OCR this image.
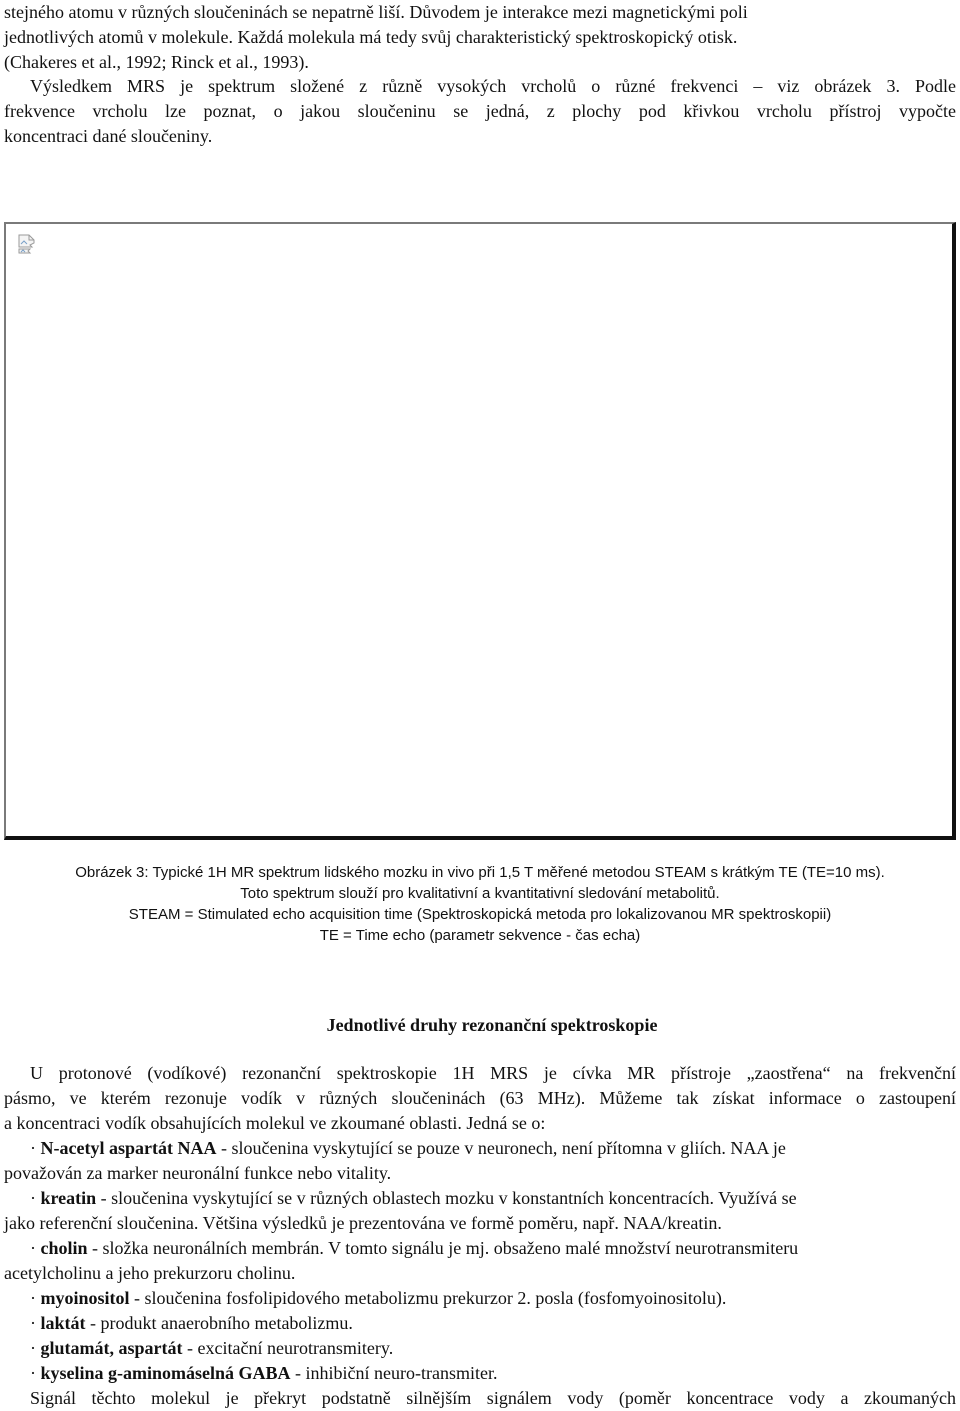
stejného atomu v různých sloučeninách se nepatrně liší. Důvodem je interakce mezi magnetickými poli
jednotlivých atomů v molekule. Každá molekula má tedy svůj charakteristický spektroskopický otisk.
(Chakeres et al., 1992; Rinck et al., 1993).
Výsledkem MRS je spektrum složené z různě vysokých vrcholů o různé frekvenci – viz obrázek 3. Podle
frekvence vrcholu lze poznat, o jakou sloučeninu se jedná, z plochy pod křivkou vrcholu přístroj vypočte
koncentraci dané sloučeniny.
Obrázek 3: Typické 1H MR spektrum lidského mozku in vivo při 1,5 T měřené metodou STEAM s krátkým TE (TE=10 ms).
Toto spektrum slouží pro kvalitativní a kvantitativní sledování metabolitů.
STEAM = Stimulated echo acquisition time (Spektroskopická metoda pro lokalizovanou MR spektroskopii)
TE = Time echo (parametr sekvence - čas echa)
Jednotlivé druhy rezonanční spektroskopie
U protonové (vodíkové) rezonanční spektroskopie 1H MRS je cívka MR přístroje „zaostřena“ na frekvenční
pásmo, ve kterém rezonuje vodík v různých sloučeninách (63 MHz). Můžeme tak získat informace o zastoupení
a koncentraci vodík obsahujících molekul ve zkoumané oblasti. Jedná se o:
· N-acetyl aspartát NAA - sloučenina vyskytující se pouze v neuronech, není přítomna v gliích. NAA je
považován za marker neuronální funkce nebo vitality.
· kreatin - sloučenina vyskytující se v různých oblastech mozku v konstantních koncentracích. Využívá se
jako referenční sloučenina. Většina výsledků je prezentována ve formě poměru, např. NAA/kreatin.
· cholin - složka neuronálních membrán. V tomto signálu je mj. obsaženo malé množství neurotransmiteru
acetylcholinu a jeho prekurzoru cholinu.
· myoinositol - sloučenina fosfolipidového metabolizmu prekurzor 2. posla (fosfomyoinositolu).
· laktát - produkt anaerobního metabolizmu.
· glutamát, aspartát - excitační neurotransmitery.
· kyselina g-aminomáselná GABA - inhibiční neuro-transmiter.
Signál těchto molekul je překryt podstatně silnějším signálem vody (poměr koncentrace vody a zkoumaných
